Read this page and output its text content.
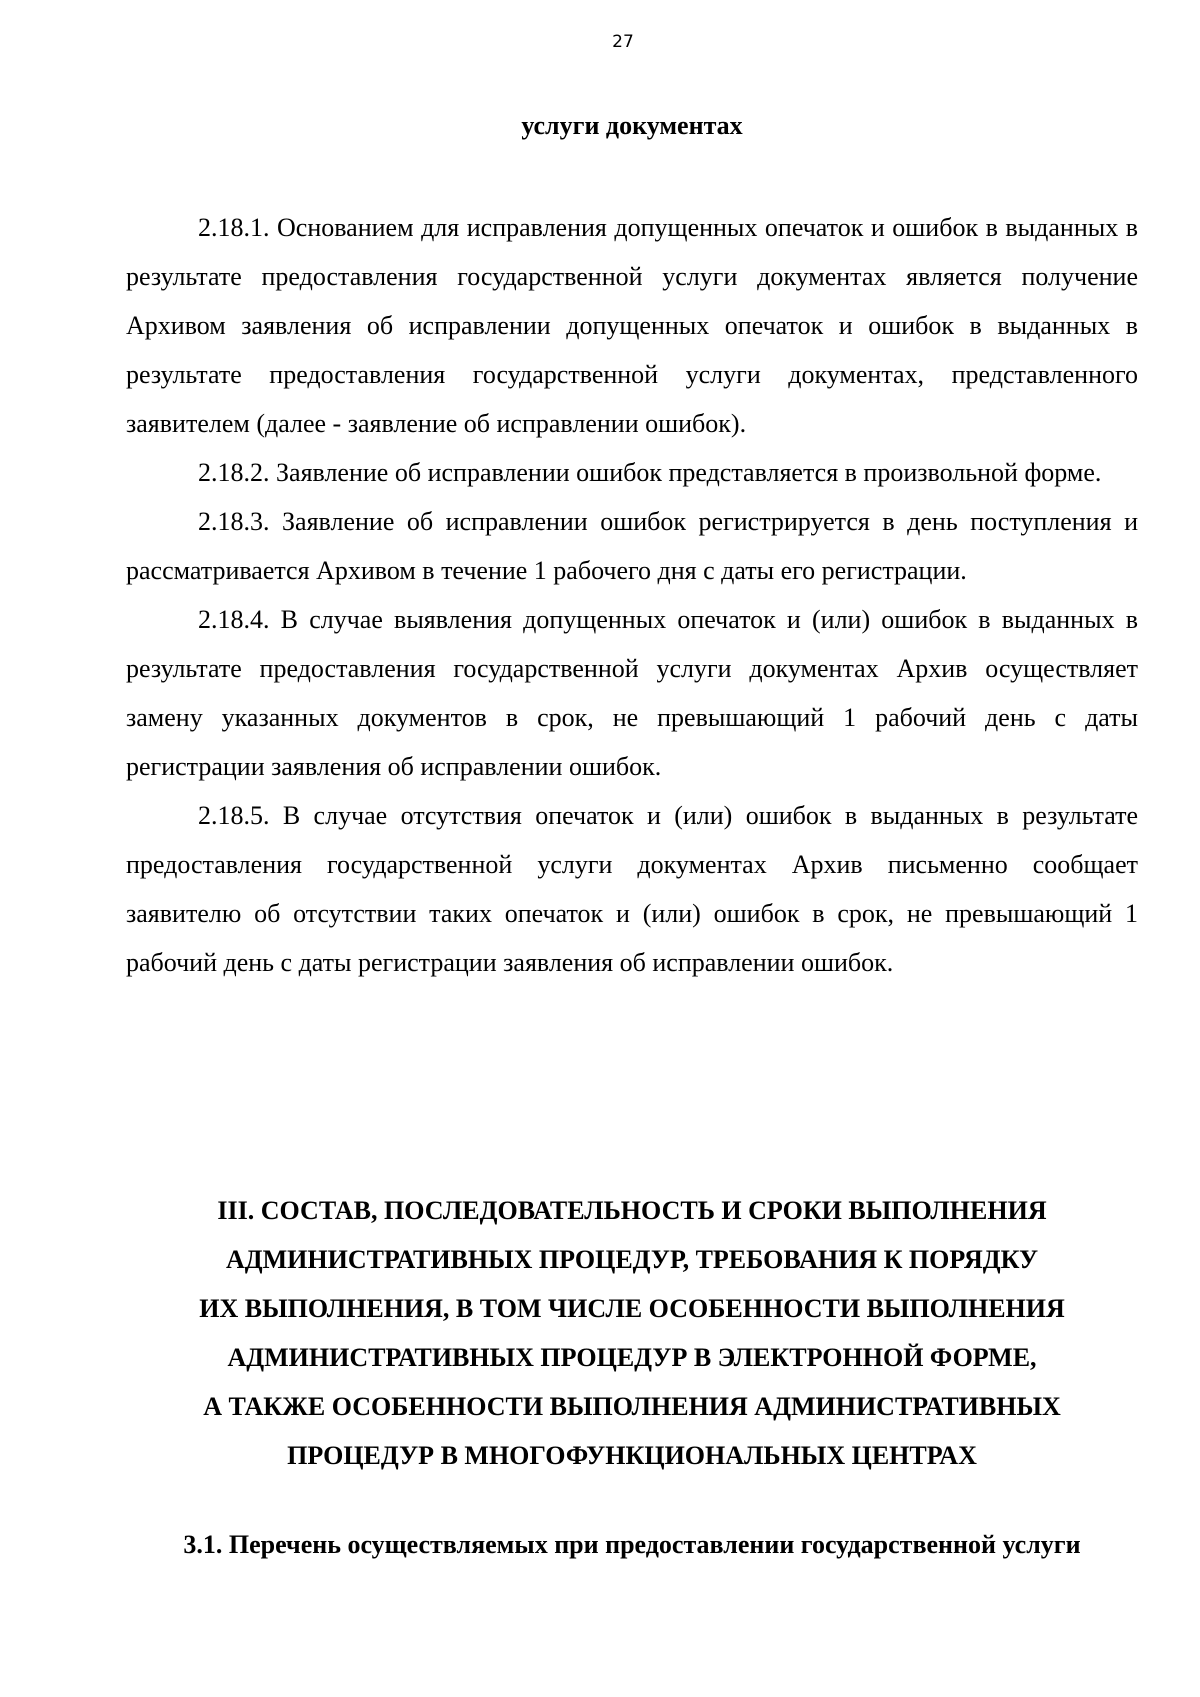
27
услуги документах

2.18.1. Основанием для исправления допущенных опечаток и ошибок в выданных в результате предоставления государственной услуги документах является получение Архивом заявления об исправлении допущенных опечаток и ошибок в выданных в результате предоставления государственной услуги документах, представленного заявителем (далее - заявление об исправлении ошибок).

2.18.2. Заявление об исправлении ошибок представляется в произвольной форме.

2.18.3. Заявление об исправлении ошибок регистрируется в день поступления и рассматривается Архивом в течение 1 рабочего дня с даты его регистрации.

2.18.4. В случае выявления допущенных опечаток и (или) ошибок в выданных в результате предоставления государственной услуги документах Архив осуществляет замену указанных документов в срок, не превышающий 1 рабочий день с даты регистрации заявления об исправлении ошибок.

2.18.5. В случае отсутствия опечаток и (или) ошибок в выданных в результате предоставления государственной услуги документах Архив письменно сообщает заявителю об отсутствии таких опечаток и (или) ошибок в срок, не превышающий 1 рабочий день с даты регистрации заявления об исправлении ошибок.

III. СОСТАВ, ПОСЛЕДОВАТЕЛЬНОСТЬ И СРОКИ ВЫПОЛНЕНИЯ
АДМИНИСТРАТИВНЫХ ПРОЦЕДУР, ТРЕБОВАНИЯ К ПОРЯДКУ
ИХ ВЫПОЛНЕНИЯ, В ТОМ ЧИСЛЕ ОСОБЕННОСТИ ВЫПОЛНЕНИЯ
АДМИНИСТРАТИВНЫХ ПРОЦЕДУР В ЭЛЕКТРОННОЙ ФОРМЕ,
А ТАКЖЕ ОСОБЕННОСТИ ВЫПОЛНЕНИЯ АДМИНИСТРАТИВНЫХ
ПРОЦЕДУР В МНОГОФУНКЦИОНАЛЬНЫХ ЦЕНТРАХ
3.1. Перечень осуществляемых при предоставлении государственной услуги
